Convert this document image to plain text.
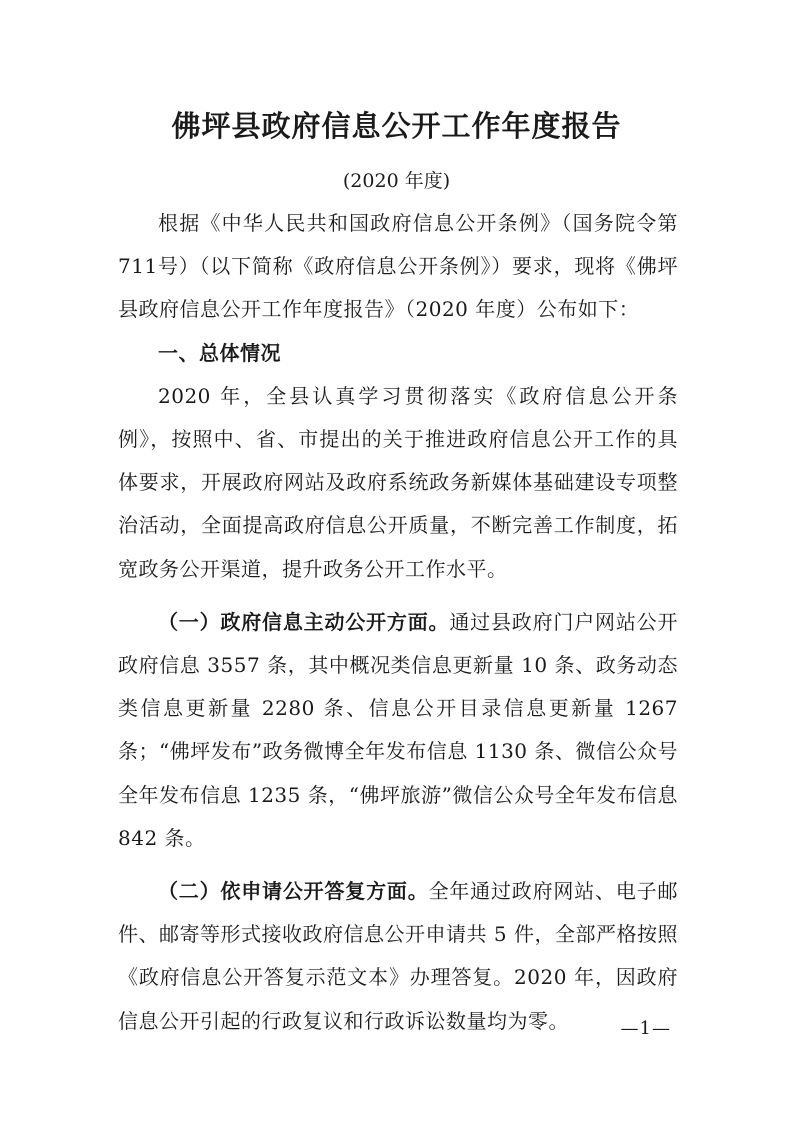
佛坪县政府信息公开工作年度报告
(2020 年度)

根据《中华人民共和国政府信息公开条例》（国务院令第711号）（以下简称《政府信息公开条例》）要求，现将《佛坪县政府信息公开工作年度报告》（2020 年度）公布如下：

一、总体情况

2020 年，全县认真学习贯彻落实《政府信息公开条例》，按照中、省、市提出的关于推进政府信息公开工作的具体要求，开展政府网站及政府系统政务新媒体基础建设专项整治活动，全面提高政府信息公开质量，不断完善工作制度，拓宽政务公开渠道，提升政务公开工作水平。

（一）政府信息主动公开方面。通过县政府门户网站公开政府信息 3557 条，其中概况类信息更新量 10 条、政务动态类信息更新量 2280 条、信息公开目录信息更新量 1267 条；“佛坪发布”政务微博全年发布信息 1130 条、微信公众号全年发布信息 1235 条，“佛坪旅游”微信公众号全年发布信息 842 条。

（二）依申请公开答复方面。全年通过政府网站、电子邮件、邮寄等形式接收政府信息公开申请共 5 件，全部严格按照《政府信息公开答复示范文本》办理答复。2020 年，因政府信息公开引起的行政复议和行政诉讼数量均为零。	—1—
